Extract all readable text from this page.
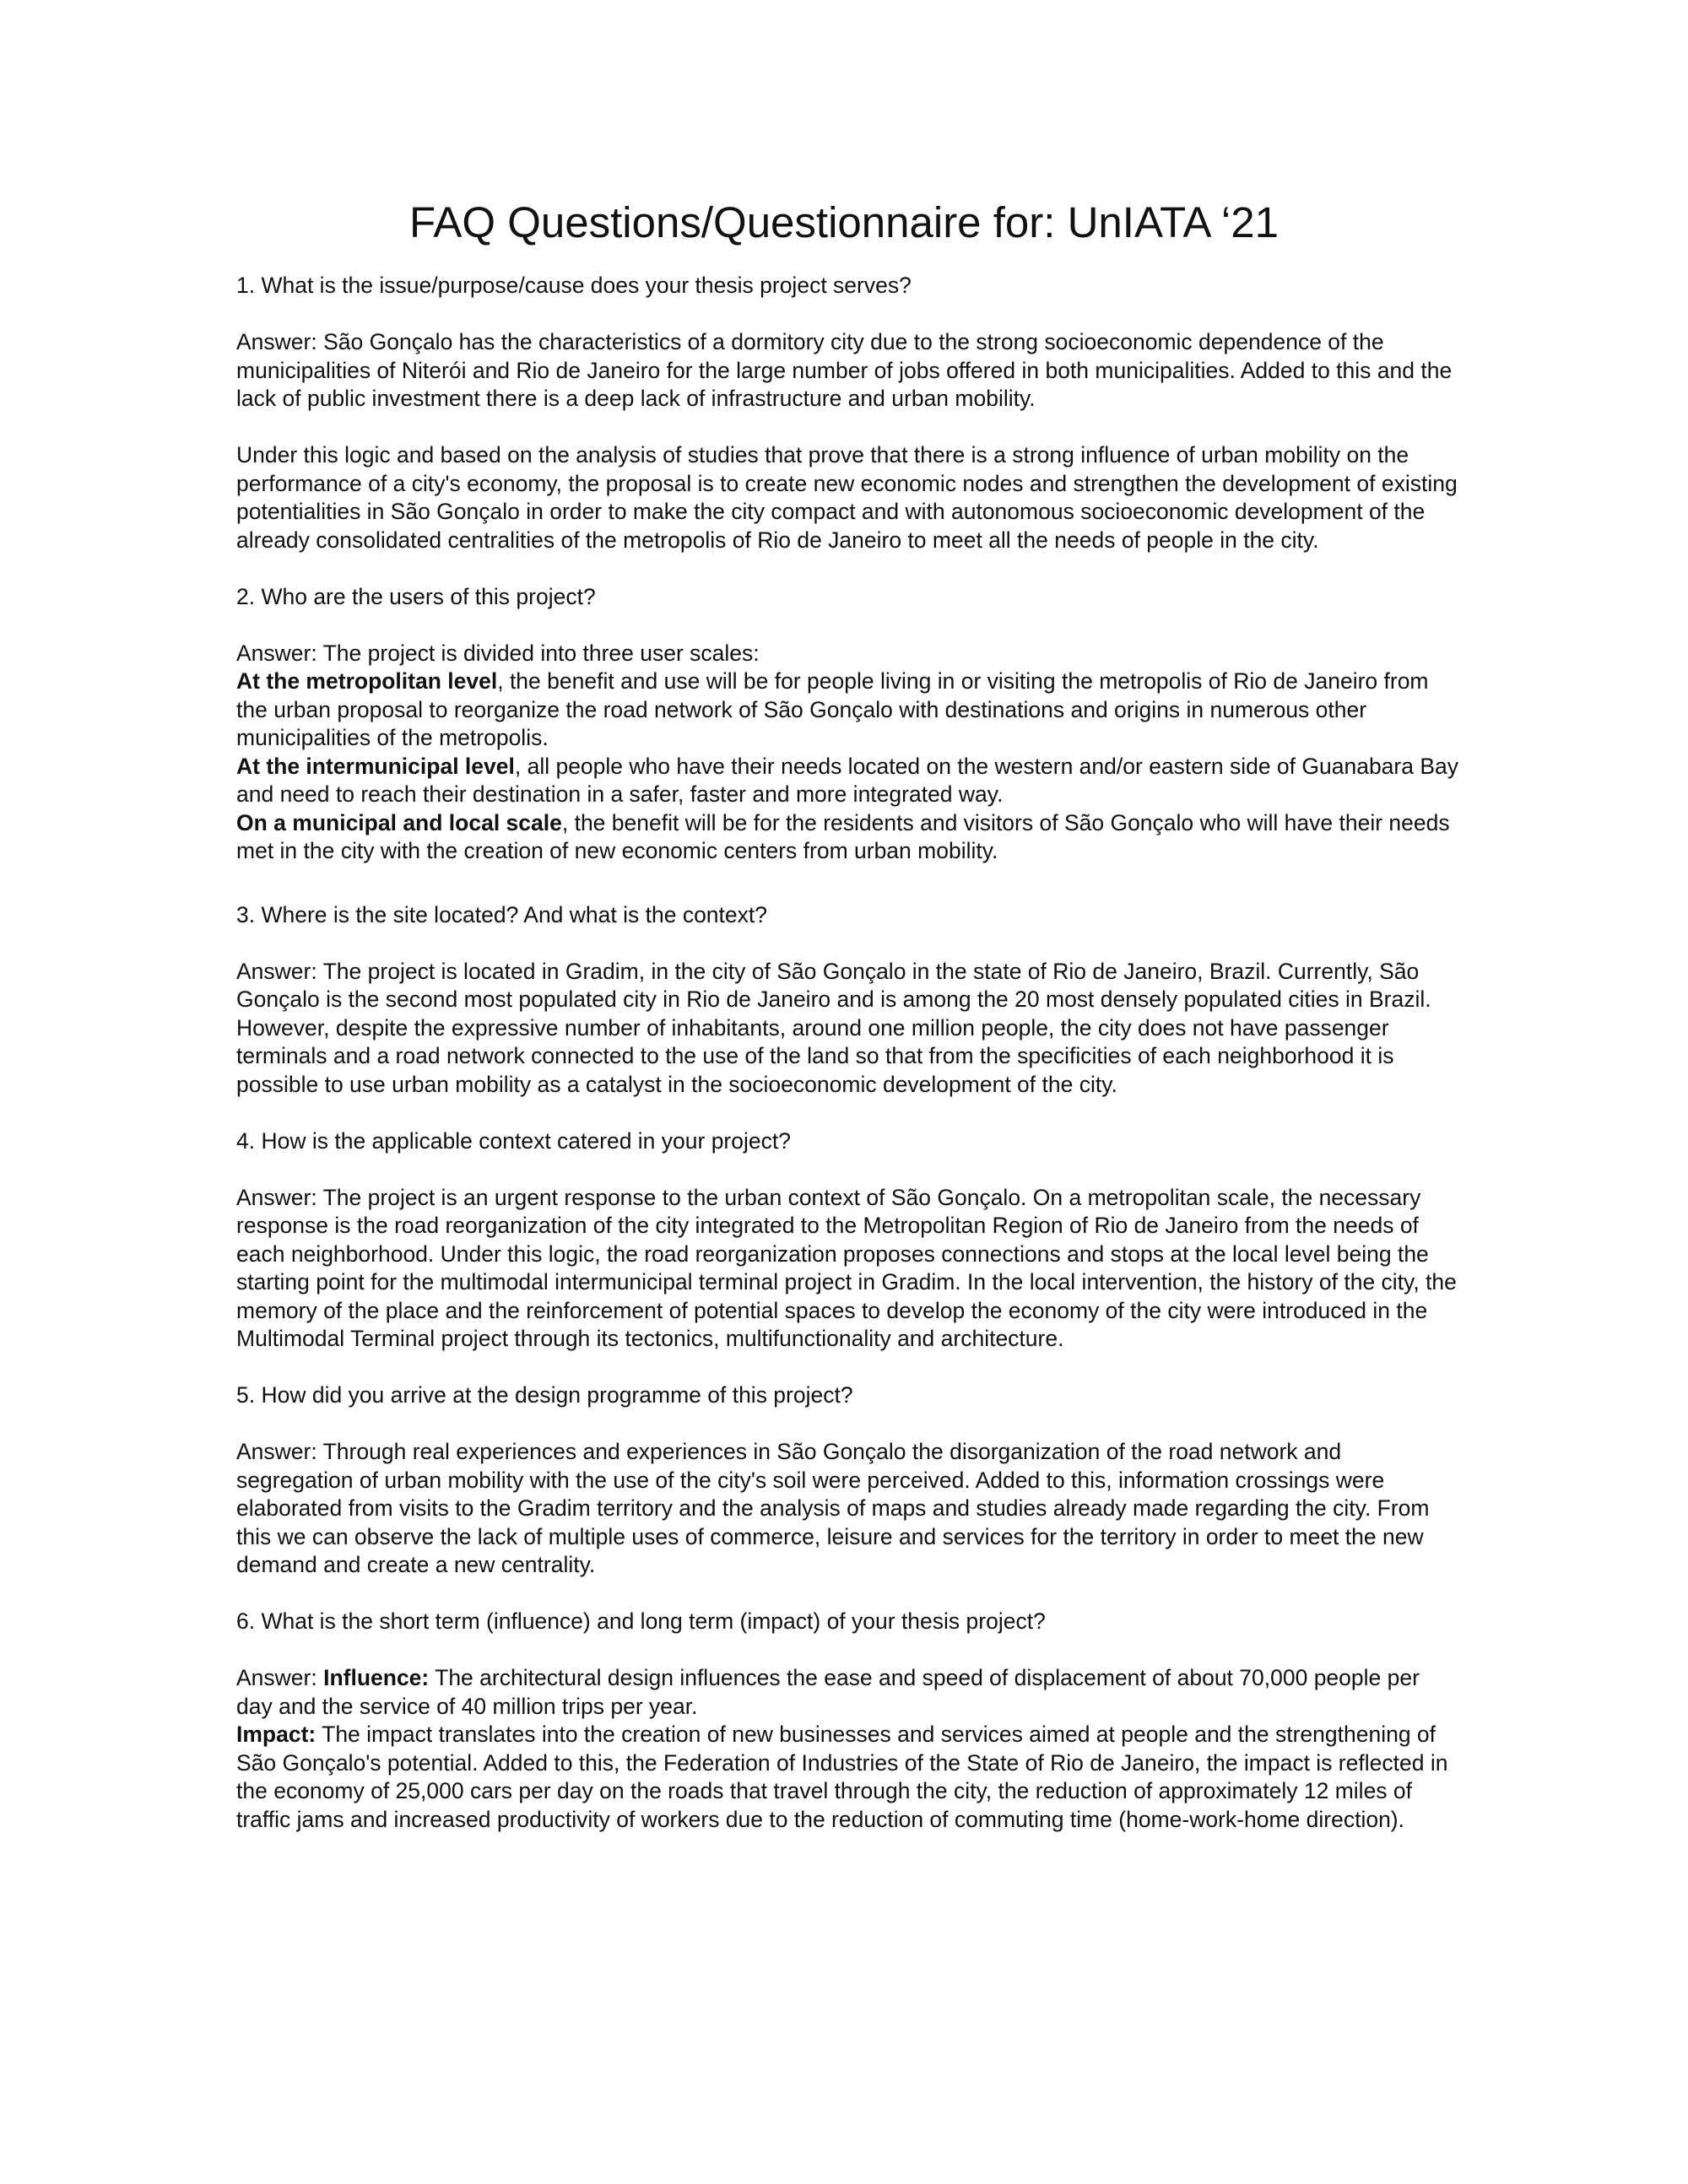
FAQ Questions/Questionnaire for: UnIATA ‘21

1. What is the issue/purpose/cause does your thesis project serves?

Answer: São Gonçalo has the characteristics of a dormitory city due to the strong socioeconomic dependence of the municipalities of Niterói and Rio de Janeiro for the large number of jobs offered in both municipalities. Added to this and the lack of public investment there is a deep lack of infrastructure and urban mobility.

Under this logic and based on the analysis of studies that prove that there is a strong influence of urban mobility on the performance of a city's economy, the proposal is to create new economic nodes and strengthen the development of existing potentialities in São Gonçalo in order to make the city compact and with autonomous socioeconomic development of the already consolidated centralities of the metropolis of Rio de Janeiro to meet all the needs of people in the city.

2. Who are the users of this project?

Answer: The project is divided into three user scales:

At the metropolitan level, the benefit and use will be for people living in or visiting the metropolis of Rio de Janeiro from the urban proposal to reorganize the road network of São Gonçalo with destinations and origins in numerous other municipalities of the metropolis.

At the intermunicipal level, all people who have their needs located on the western and/or eastern side of Guanabara Bay and need to reach their destination in a safer, faster and more integrated way.

On a municipal and local scale, the benefit will be for the residents and visitors of São Gonçalo who will have their needs met in the city with the creation of new economic centers from urban mobility.

3. Where is the site located? And what is the context?

Answer: The project is located in Gradim, in the city of São Gonçalo in the state of Rio de Janeiro, Brazil. Currently, São Gonçalo is the second most populated city in Rio de Janeiro and is among the 20 most densely populated cities in Brazil. However, despite the expressive number of inhabitants, around one million people, the city does not have passenger terminals and a road network connected to the use of the land so that from the specificities of each neighborhood it is possible to use urban mobility as a catalyst in the socioeconomic development of the city.

4. How is the applicable context catered in your project?

Answer: The project is an urgent response to the urban context of São Gonçalo. On a metropolitan scale, the necessary response is the road reorganization of the city integrated to the Metropolitan Region of Rio de Janeiro from the needs of each neighborhood. Under this logic, the road reorganization proposes connections and stops at the local level being the starting point for the multimodal intermunicipal terminal project in Gradim. In the local intervention, the history of the city, the memory of the place and the reinforcement of potential spaces to develop the economy of the city were introduced in the Multimodal Terminal project through its tectonics, multifunctionality and architecture.

5. How did you arrive at the design programme of this project?

Answer: Through real experiences and experiences in São Gonçalo the disorganization of the road network and segregation of urban mobility with the use of the city's soil were perceived. Added to this, information crossings were elaborated from visits to the Gradim territory and the analysis of maps and studies already made regarding the city. From this we can observe the lack of multiple uses of commerce, leisure and services for the territory in order to meet the new demand and create a new centrality.

6. What is the short term (influence) and long term (impact) of your thesis project?

Answer: Influence: The architectural design influences the ease and speed of displacement of about 70,000 people per day and the service of 40 million trips per year.

Impact: The impact translates into the creation of new businesses and services aimed at people and the strengthening of São Gonçalo's potential. Added to this, the Federation of Industries of the State of Rio de Janeiro, the impact is reflected in the economy of 25,000 cars per day on the roads that travel through the city, the reduction of approximately 12 miles of traffic jams and increased productivity of workers due to the reduction of commuting time (home-work-home direction).
